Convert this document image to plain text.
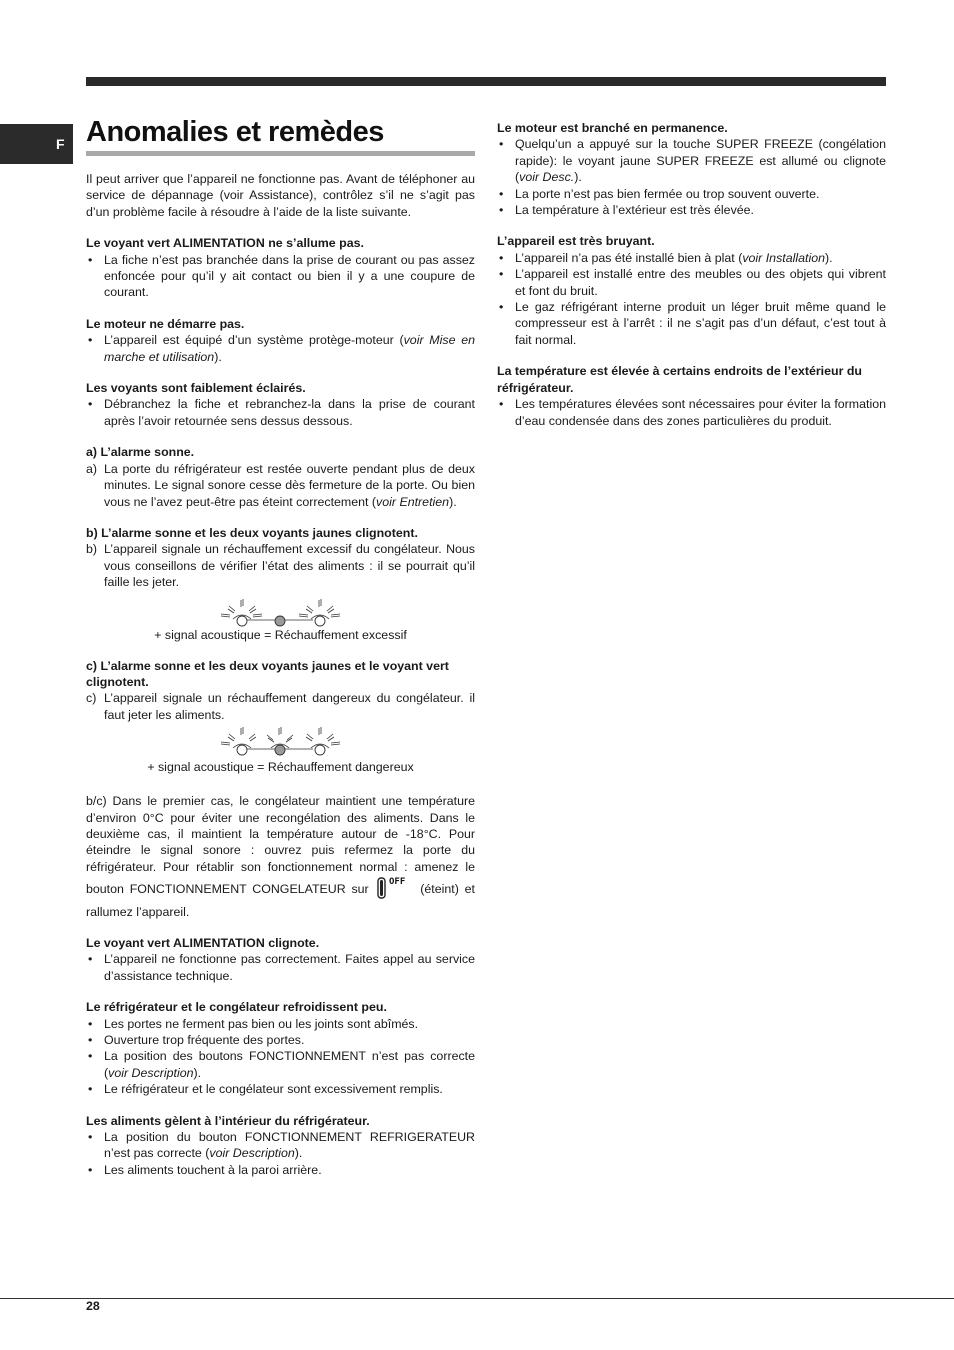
F Anomalies et remèdes

Il peut arriver que l’appareil ne fonctionne pas. Avant de téléphoner au service de dépannage (voir Assistance), contrôlez s’il ne s’agit pas d’un problème facile à résoudre à l’aide de la liste suivante.

Le voyant vert ALIMENTATION ne s’allume pas.
• La fiche n’est pas branchée dans la prise de courant ou pas assez enfoncée pour qu’il y ait contact ou bien il y a une coupure de courant.
Le moteur ne démarre pas.
• L’appareil est équipé d’un système protège-moteur (voir Mise en marche et utilisation).
Les voyants sont faiblement éclairés.
• Débranchez la fiche et rebranchez-la dans la prise de courant après l’avoir retournée sens dessus dessous.
a) L’alarme sonne.
a) La porte du réfrigérateur est restée ouverte pendant plus de deux minutes. Le signal sonore cesse dès fermeture de la porte. Ou bien vous ne l’avez peut-être pas éteint correctement (voir Entretien).
b) L’alarme sonne et les deux voyants jaunes clignotent.
b) L’appareil signale un réchauffement excessif du congélateur. Nous vous conseillons de vérifier l’état des aliments : il se pourrait qu’il faille les jeter.
+ signal acoustique = Réchauffement excessif
c) L’alarme sonne et les deux voyants jaunes et le voyant vert clignotent.
c) L’appareil signale un réchauffement dangereux du congélateur. il faut jeter les aliments.
+ signal acoustique = Réchauffement dangereux

b/c) Dans le premier cas, le congélateur maintient une température d’environ 0°C pour éviter une recongélation des aliments. Dans le deuxième cas, il maintient la température autour de -18°C. Pour éteindre le signal sonore : ouvrez puis refermez la porte du réfrigérateur. Pour rétablir son fonctionnement normal : amenez le bouton FONCTIONNEMENT CONGELATEUR sur OFF (éteint) et rallumez l’appareil.

Le voyant vert ALIMENTATION clignote.
• L’appareil ne fonctionne pas correctement. Faites appel au service d’assistance technique.
Le réfrigérateur et le congélateur refroidissent peu.
• Les portes ne ferment pas bien ou les joints sont abîmés.
• Ouverture trop fréquente des portes.
• La position des boutons FONCTIONNEMENT n’est pas correcte (voir Description).
• Le réfrigérateur et le congélateur sont excessivement remplis.
Les aliments gèlent à l’intérieur du réfrigérateur.
• La position du bouton FONCTIONNEMENT REFRIGERATEUR n’est pas correcte (voir Description).
• Les aliments touchent à la paroi arrière.
Le moteur est branché en permanence.
• Quelqu’un a appuyé sur la touche SUPER FREEZE (congélation rapide): le voyant jaune SUPER FREEZE est allumé ou clignote (voir Desc.).
• La porte n’est pas bien fermée ou trop souvent ouverte.
• La température à l’extérieur est très élevée.
L’appareil est très bruyant.
• L’appareil n’a pas été installé bien à plat (voir Installation).
• L’appareil est installé entre des meubles ou des objets qui vibrent et font du bruit.
• Le gaz réfrigérant interne produit un léger bruit même quand le compresseur est à l’arrêt : il ne s’agit pas d’un défaut, c’est tout à fait normal.
La température est élevée à certains endroits de l’extérieur du réfrigérateur.
• Les températures élevées sont nécessaires pour éviter la formation d’eau condensée dans des zones particulières du produit.
28
